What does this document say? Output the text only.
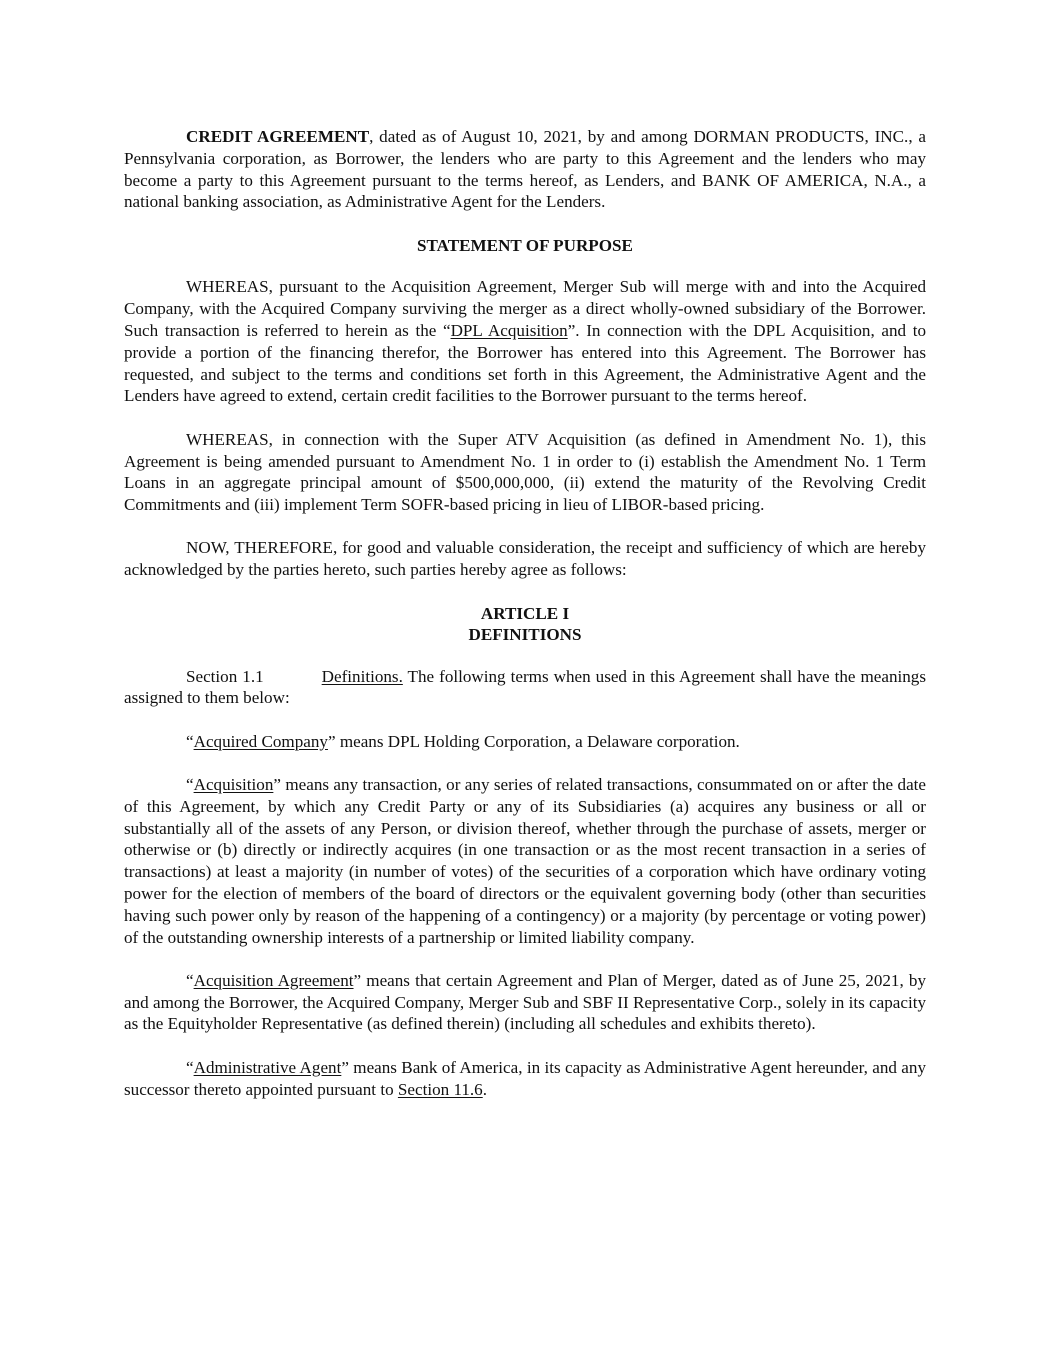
CREDIT AGREEMENT, dated as of August 10, 2021, by and among DORMAN PRODUCTS, INC., a Pennsylvania corporation, as Borrower, the lenders who are party to this Agreement and the lenders who may become a party to this Agreement pursuant to the terms hereof, as Lenders, and BANK OF AMERICA, N.A., a national banking association, as Administrative Agent for the Lenders.

STATEMENT OF PURPOSE

WHEREAS, pursuant to the Acquisition Agreement, Merger Sub will merge with and into the Acquired Company, with the Acquired Company surviving the merger as a direct wholly-owned subsidiary of the Borrower. Such transaction is referred to herein as the “DPL Acquisition”. In connection with the DPL Acquisition, and to provide a portion of the financing therefor, the Borrower has entered into this Agreement. The Borrower has requested, and subject to the terms and conditions set forth in this Agreement, the Administrative Agent and the Lenders have agreed to extend, certain credit facilities to the Borrower pursuant to the terms hereof.

WHEREAS, in connection with the Super ATV Acquisition (as defined in Amendment No. 1), this Agreement is being amended pursuant to Amendment No. 1 in order to (i) establish the Amendment No. 1 Term Loans in an aggregate principal amount of $500,000,000, (ii) extend the maturity of the Revolving Credit Commitments and (iii) implement Term SOFR-based pricing in lieu of LIBOR-based pricing.

NOW, THEREFORE, for good and valuable consideration, the receipt and sufficiency of which are hereby acknowledged by the parties hereto, such parties hereby agree as follows:

ARTICLE I
DEFINITIONS

Section 1.1	Definitions. The following terms when used in this Agreement shall have the meanings assigned to them below:

“Acquired Company” means DPL Holding Corporation, a Delaware corporation.

“Acquisition” means any transaction, or any series of related transactions, consummated on or after the date of this Agreement, by which any Credit Party or any of its Subsidiaries (a) acquires any business or all or substantially all of the assets of any Person, or division thereof, whether through the purchase of assets, merger or otherwise or (b) directly or indirectly acquires (in one transaction or as the most recent transaction in a series of transactions) at least a majority (in number of votes) of the securities of a corporation which have ordinary voting power for the election of members of the board of directors or the equivalent governing body (other than securities having such power only by reason of the happening of a contingency) or a majority (by percentage or voting power) of the outstanding ownership interests of a partnership or limited liability company.

“Acquisition Agreement” means that certain Agreement and Plan of Merger, dated as of June 25, 2021, by and among the Borrower, the Acquired Company, Merger Sub and SBF II Representative Corp., solely in its capacity as the Equityholder Representative (as defined therein) (including all schedules and exhibits thereto).

“Administrative Agent” means Bank of America, in its capacity as Administrative Agent hereunder, and any successor thereto appointed pursuant to Section 11.6.
